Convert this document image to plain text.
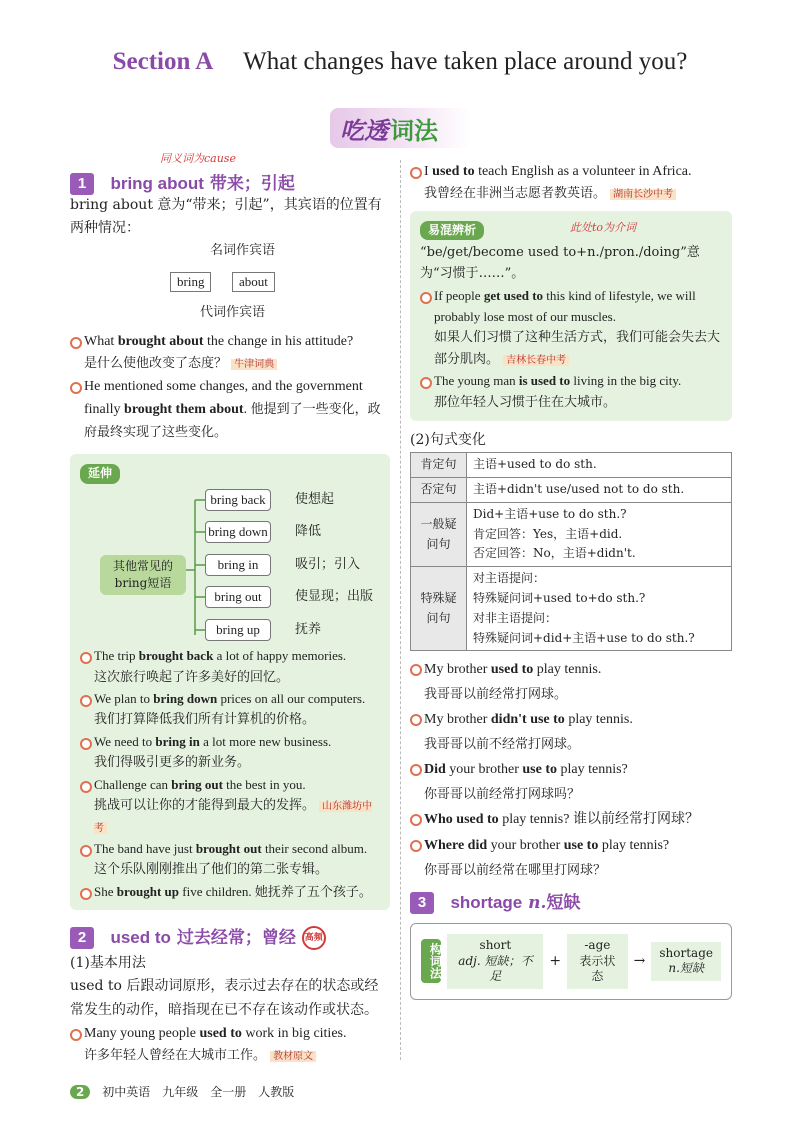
Section A What changes have taken place around you?
吃透 词法
同义词为cause
1 bring about 带来；引起
bring about 意为“带来；引起”，其宾语的位置有两种情况：
名词作宾语
bring	about
代词作宾语
What brought about the change in his attitude?
是什么使他改变了态度？ 牛津词典
He mentioned some changes, and the government finally brought them about. 他提到了一些变化，政府最终实现了这些变化。
延伸
其他常见的bring短语
bring back	使想起
bring down 降低
bring in	吸引；引入
bring out	使显现；出版
bring up	抚养
The trip brought back a lot of happy memories.
这次旅行唤起了许多美好的回忆。
We plan to bring down prices on all our computers.
我们打算降低我们所有计算机的价格。
We need to bring in a lot more new business.
我们得吸引更多的新业务。
Challenge can bring out the best in you.
挑战可以让你的才能得到最大的发挥。 山东潍坊中考
The band have just brought out their second album.
这个乐队刚刚推出了他们的第二张专辑。
She brought up five children. 她抚养了五个孩子。
2 used to 过去经常；曾经 高频
(1)基本用法
used to 后跟动词原形，表示过去存在的状态或经常发生的动作，暗指现在已不存在该动作或状态。
Many young people used to work in big cities.
许多年轻人曾经在大城市工作。 教材原文
I used to teach English as a volunteer in Africa.
我曾经在非洲当志愿者教英语。 湖南长沙中考
易混辨析	此处to为介词
“be/get/become used to+n./pron./doing”意为“习惯于……”。
If people get used to this kind of lifestyle, we will probably lose most of our muscles.
如果人们习惯了这种生活方式，我们可能会失去大部分肌肉。 吉林长春中考
The young man is used to living in the big city.
那位年轻人习惯于住在大城市。
(2)句式变化
肯定句	主语+used to do sth.
否定句	主语+didn't use/used not to do sth.
一般疑问句	Did+主语+use to do sth.?
肯定回答：Yes，主语+did.
否定回答：No，主语+didn't.

特殊疑问句	对主语提问：
特殊疑问词+used to+do sth.?
对非主语提问：
特殊疑问词+did+主语+use to do sth.?
My brother used to play tennis.
我哥哥以前经常打网球。
My brother didn't use to play tennis.
我哥哥以前不经常打网球。
Did your brother use to play tennis?
你哥哥以前经常打网球吗？
Who used to play tennis? 谁以前经常打网球？
Where did your brother use to play tennis?
你哥哥以前经常在哪里打网球？
3 shortage n.短缺
构词法	short
adj. 短缺；不足
+
-age
表示状态
→
shortage
n.短缺
2 初中英语　九年级　全一册　人教版
